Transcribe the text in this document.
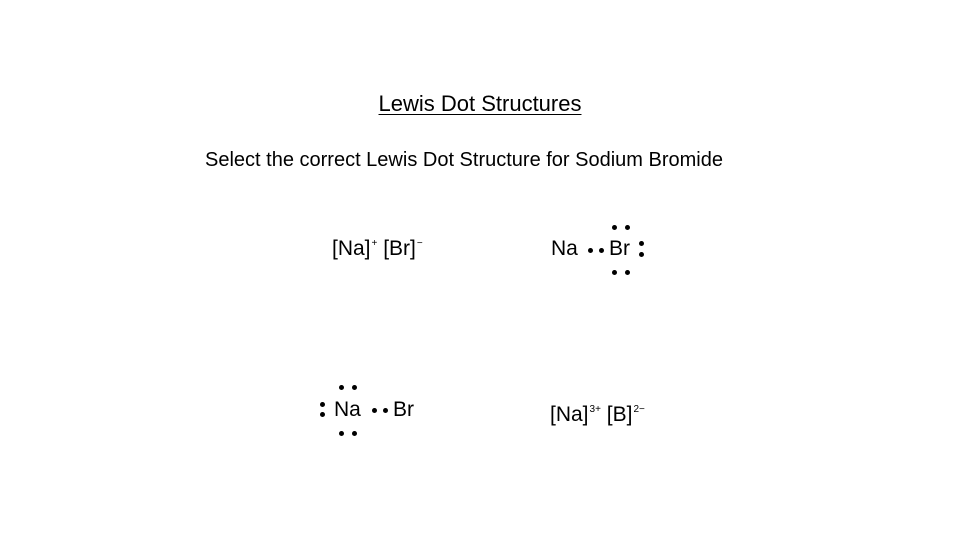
Lewis Dot Structures
Select the correct Lewis Dot Structure for Sodium Bromide
[Na]+ [Br]−	Na Br
Na Br	$[Na]^{3+}$ $[B]^{2-}$
